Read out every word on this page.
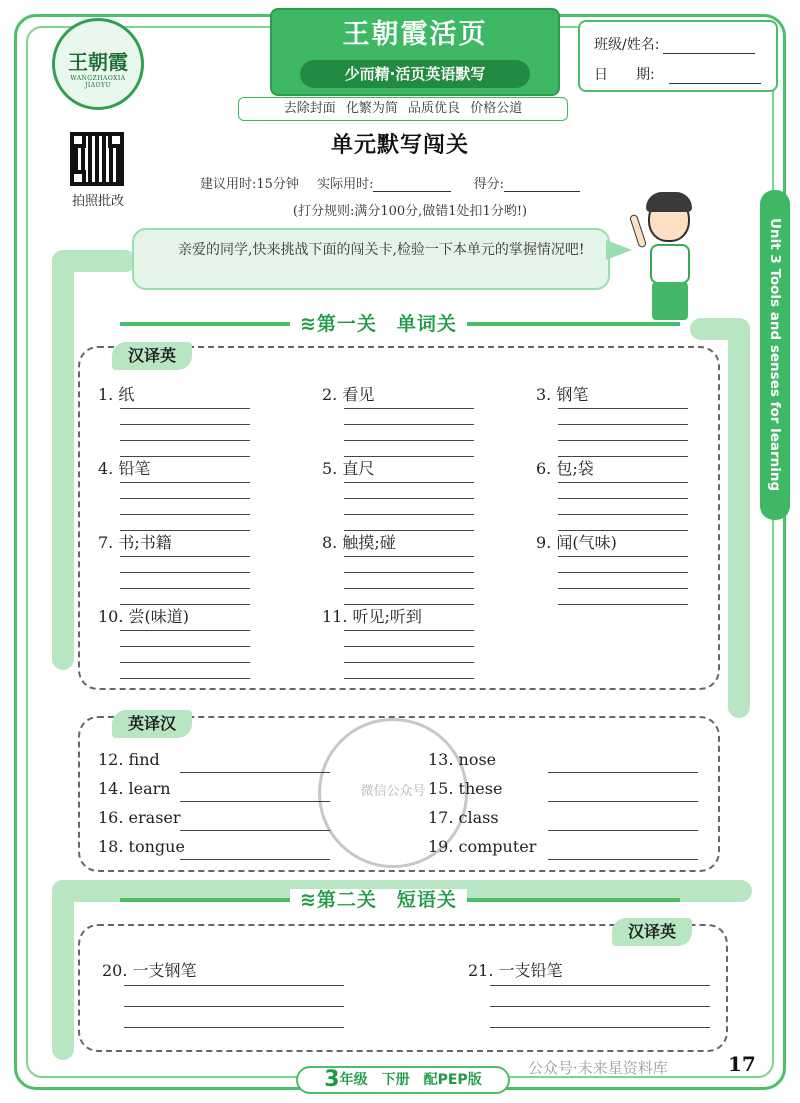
王朝霞
WANGZHAOXIA JIAOYU
王朝霞活页
少而精·活页英语默写
去除封面 化繁为简 品质优良 价格公道
班级/姓名:
日　　期:
拍照批改
单元默写闯关
建议用时:15分钟 实际用时:	得分:
(打分规则:满分100分,做错1处扣1分哟!)
亲爱的同学,快来挑战下面的闯关卡,检验一下本单元的掌握情况吧!	Unit 3 Tools and senses for learning
≋第一关　单词关
汉译英
1. 纸	2. 看见	3. 钢笔
4. 铅笔	5. 直尺	6. 包;袋
7. 书;书籍	8. 触摸;碰	9. 闻(气味)
10. 尝(味道)	11. 听见;听到
英译汉
12. find	13. nose
14. learn	15. these
16. eraser	17. class
18. tongue	19. computer
微信公众号
≋第二关　短语关
汉译英
20. 一支钢笔	21. 一支铅笔
3年级　下册　配PEP版
公众号·未来星资料库	17
